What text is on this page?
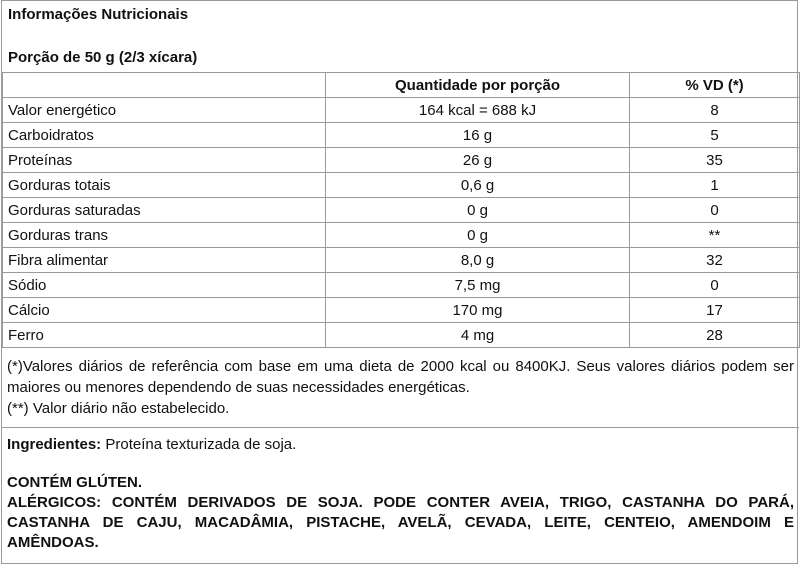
Informações Nutricionais
Porção de 50 g (2/3 xícara)
	Quantidade por porção	% VD (*)
Valor energético	164 kcal = 688 kJ	8
Carboidratos	16 g	5
Proteínas	26 g	35
Gorduras totais	0,6 g	1
Gorduras saturadas	0 g	0
Gorduras trans	0 g	**
Fibra alimentar	8,0 g	32
Sódio	7,5 mg	0
Cálcio	170 mg	17
Ferro	4 mg	28

(*)Valores diários de referência com base em uma dieta de 2000 kcal ou 8400KJ. Seus valores diários podem ser maiores ou menores dependendo de suas necessidades energéticas.

(**) Valor diário não estabelecido.

Ingredientes: Proteína texturizada de soja.

CONTÉM GLÚTEN.

ALÉRGICOS: CONTÉM DERIVADOS DE SOJA. PODE CONTER AVEIA, TRIGO, CASTANHA DO PARÁ, CASTANHA DE CAJU, MACADÂMIA, PISTACHE, AVELÃ, CEVADA, LEITE, CENTEIO, AMENDOIM E AMÊNDOAS.
